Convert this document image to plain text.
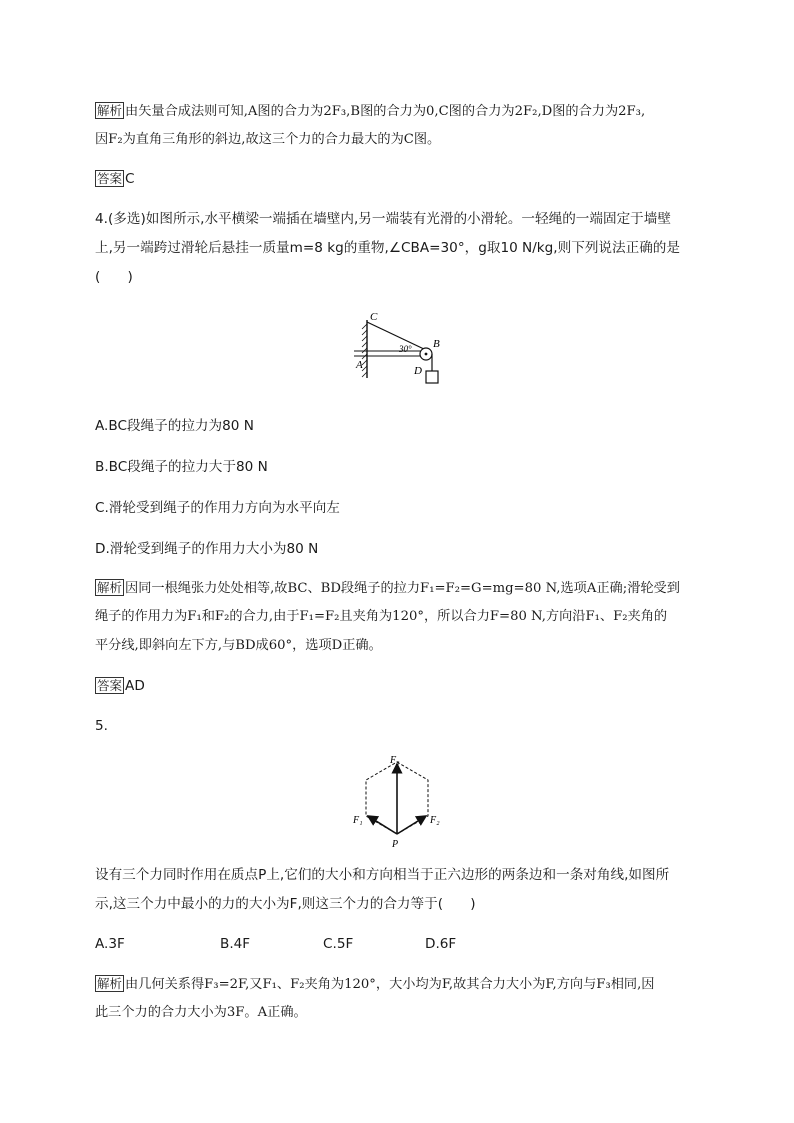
解析 由矢量合成法则可知,A图的合力为2F₃,B图的合力为0,C图的合力为2F₂,D图的合力为2F₃,
因F₂为直角三角形的斜边,故这三个力的合力最大的为C图。
答案 C
4.(多选)如图所示,水平横梁一端插在墙壁内,另一端装有光滑的小滑轮。一轻绳的一端固定于墙壁
上,另一端跨过滑轮后悬挂一质量m=8 kg的重物,∠CBA=30°，g取10 N/kg,则下列说法正确的是
(　　)
C
B
A	D
30°
A.BC段绳子的拉力为80 N
B.BC段绳子的拉力大于80 N
C.滑轮受到绳子的作用力方向为水平向左
D.滑轮受到绳子的作用力大小为80 N
解析 因同一根绳张力处处相等,故BC、BD段绳子的拉力F₁=F₂=G=mg=80 N,选项A正确;滑轮受到
绳子的作用力为F₁和F₂的合力,由于F₁=F₂且夹角为120°，所以合力F=80 N,方向沿F₁、F₂夹角的
平分线,即斜向左下方,与BD成60°，选项D正确。
答案 AD
5.
F₃
F₁	F₂
P
设有三个力同时作用在质点P上,它们的大小和方向相当于正六边形的两条边和一条对角线,如图所
示,这三个力中最小的力的大小为F,则这三个力的合力等于(　　)
A.3F	B.4F	C.5F	D.6F
解析 由几何关系得F₃=2F,又F₁、F₂夹角为120°，大小均为F,故其合力大小为F,方向与F₃相同,因
此三个力的合力大小为3F。A正确。
